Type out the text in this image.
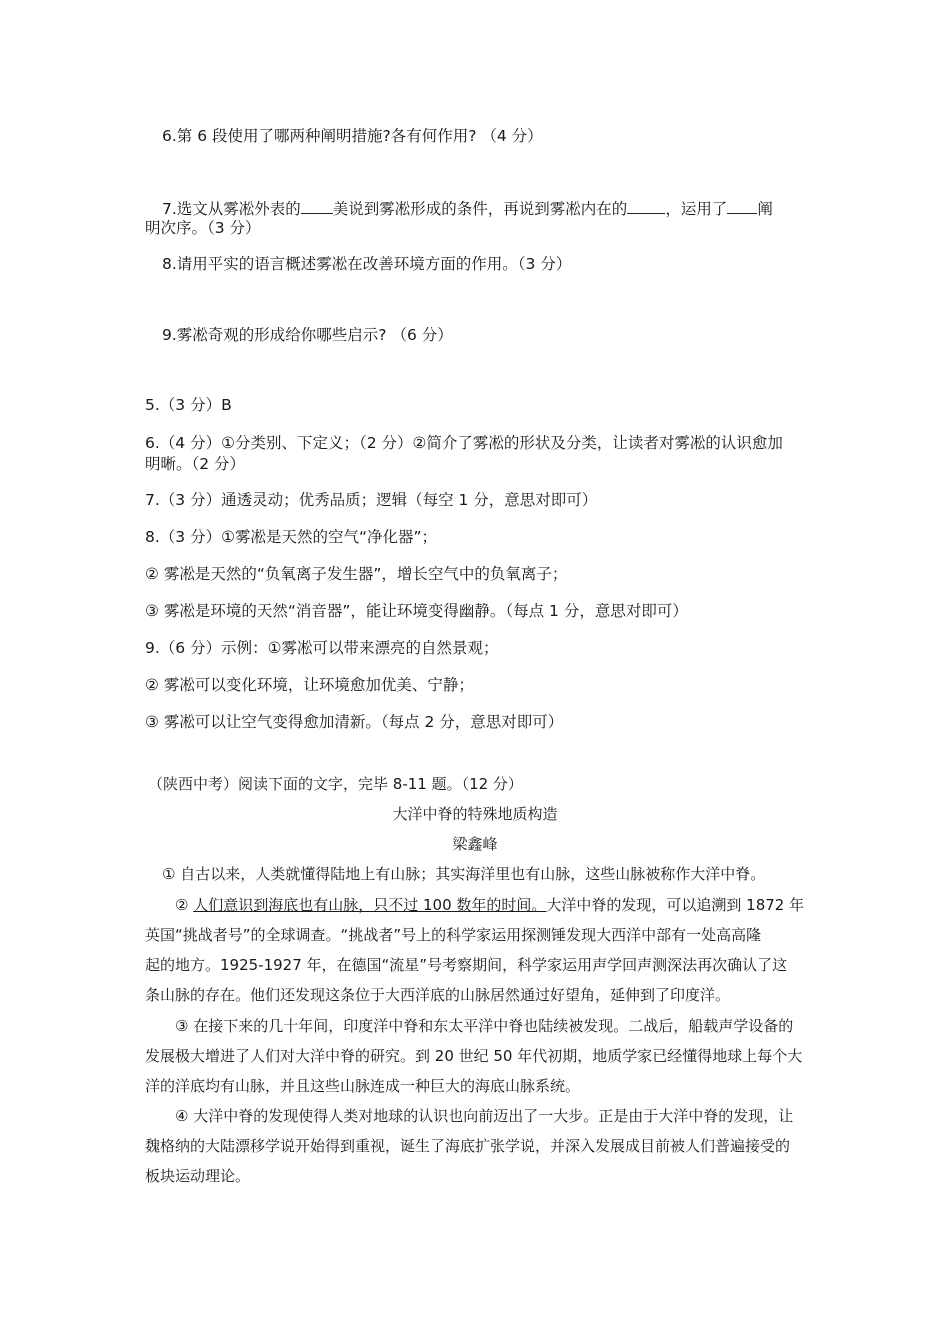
6.第 6 段使用了哪两种阐明措施?各有何作用? （4 分）
7.选文从雾凇外表的 美说到雾凇形成的条件，再说到雾凇内在的 ，运用了 阐
明次序。（3 分）
8.请用平实的语言概述雾凇在改善环境方面的作用。（3 分）
9.雾凇奇观的形成给你哪些启示? （6 分）
5.（3 分）B
6.（4 分）①分类别、下定义；（2 分）②简介了雾凇的形状及分类，让读者对雾凇的认识愈加
明晰。（2 分）
7.（3 分）通透灵动；优秀品质；逻辑（每空 1 分，意思对即可）
8.（3 分）①雾凇是天然的空气“净化器”；
② 雾凇是天然的“负氧离子发生器”，增长空气中的负氧离子；
③ 雾凇是环境的天然“消音器”，能让环境变得幽静。（每点 1 分，意思对即可）
9.（6 分）示例：①雾凇可以带来漂亮的自然景观；
② 雾凇可以变化环境，让环境愈加优美、宁静；
③ 雾凇可以让空气变得愈加清新。（每点 2 分，意思对即可）
（陕西中考）阅读下面的文字，完毕 8-11 题。（12 分）
大洋中脊的特殊地质构造
梁鑫峰
① 自古以来，人类就懂得陆地上有山脉；其实海洋里也有山脉，这些山脉被称作大洋中脊。
② 人们意识到海底也有山脉，只不过 100 数年的时间。大洋中脊的发现，可以追溯到 1872 年
英国“挑战者号”的全球调查。“挑战者”号上的科学家运用探测锤发现大西洋中部有一处高高隆
起的地方。1925-1927 年，在德国“流星”号考察期间，科学家运用声学回声测深法再次确认了这
条山脉的存在。他们还发现这条位于大西洋底的山脉居然通过好望角，延伸到了印度洋。
③ 在接下来的几十年间，印度洋中脊和东太平洋中脊也陆续被发现。二战后，船载声学设备的
发展极大增进了人们对大洋中脊的研究。到 20 世纪 50 年代初期，地质学家已经懂得地球上每个大
洋的洋底均有山脉，并且这些山脉连成一种巨大的海底山脉系统。
④ 大洋中脊的发现使得人类对地球的认识也向前迈出了一大步。正是由于大洋中脊的发现，让
魏格纳的大陆漂移学说开始得到重视，诞生了海底扩张学说，并深入发展成目前被人们普遍接受的
板块运动理论。
